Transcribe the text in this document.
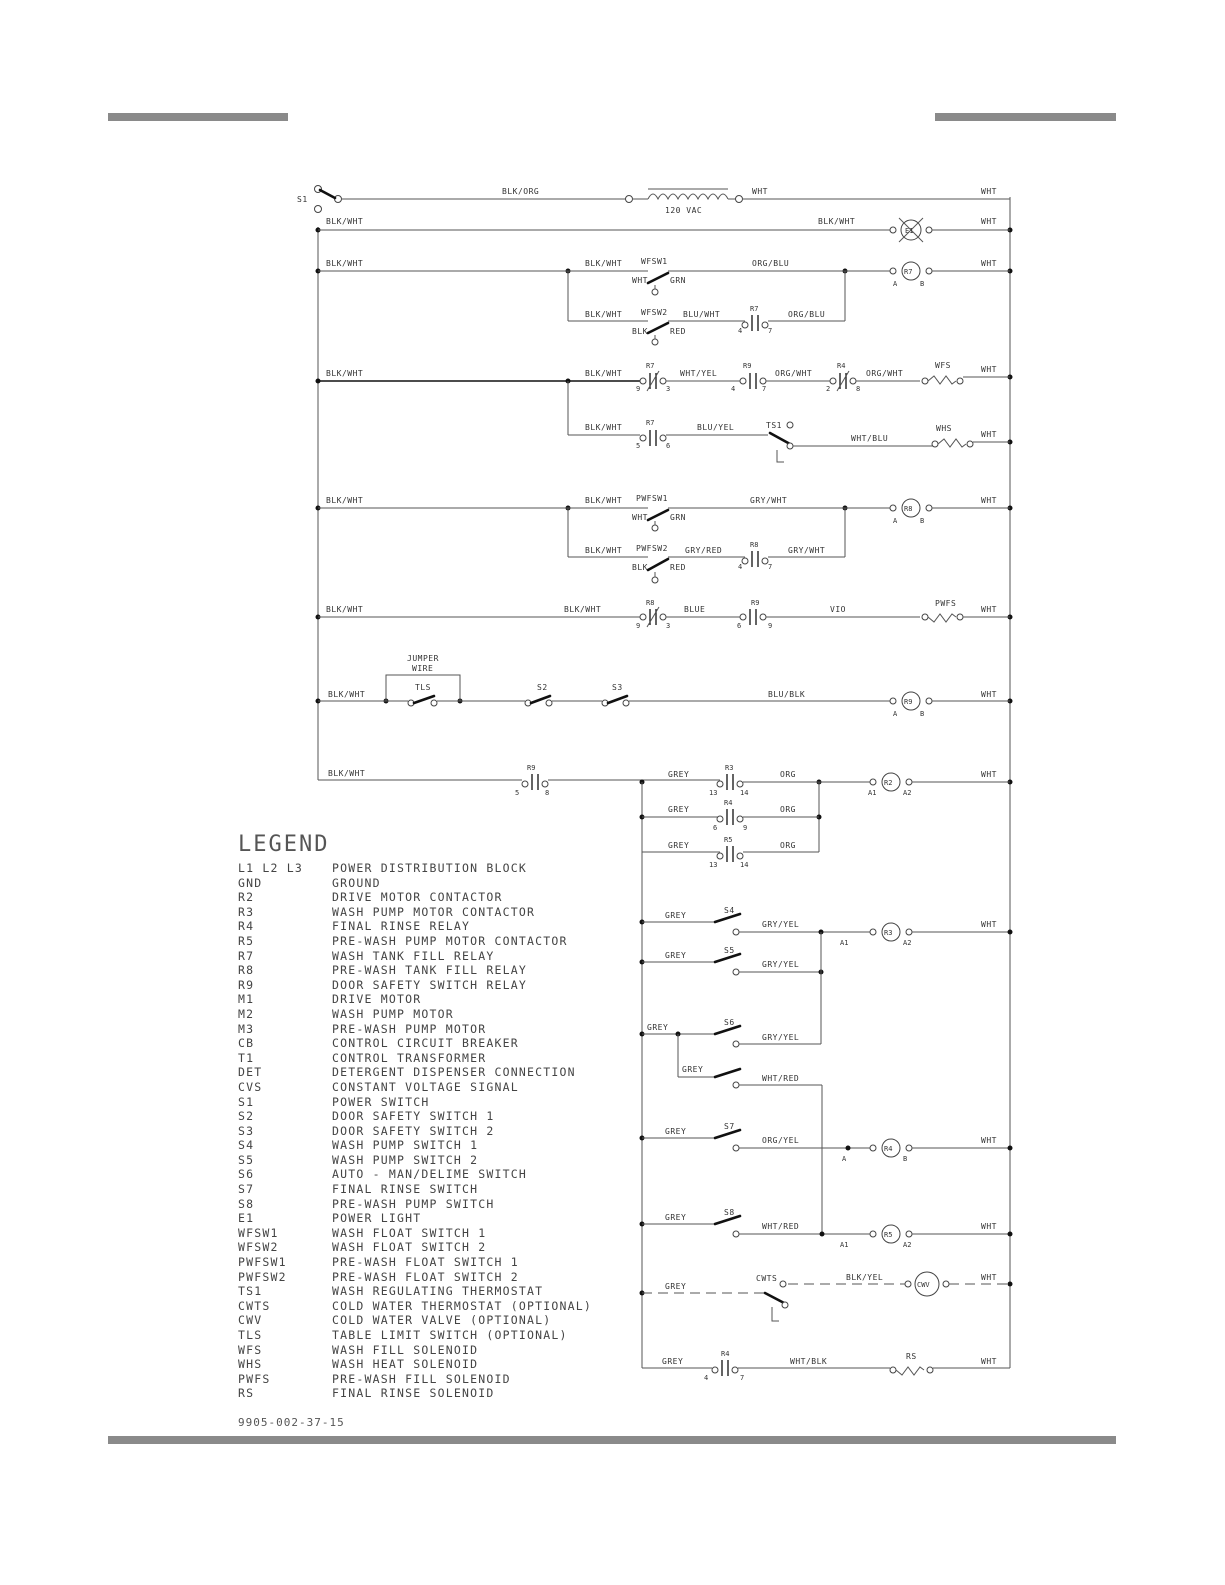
S1
BLK/ORG
120 VAC
WHT	WHT
BLK/WHT	BLK/WHT
E1
WHT
BLK/WHT	BLK/WHT WFSW1
WHT	GRN
ORG/BLU
R7
A	B
WHT
BLK/WHT WFSW2
BLK	RED
BLU/WHT
R7
4	7
ORG/BLU
BLK/WHT	BLK/WHT
R7
9	3
WHT/YEL
R9
4	7
ORG/WHT
R4
2	8
ORG/WHT
WFS	WHT
BLK/WHT	R7
5	6
BLU/YEL	TS1
WHT/BLU
WHS
WHT
BLK/WHT	BLK/WHT PWFSW1
WHT	GRN
GRY/WHT
R8
A	B
WHT
BLK/WHT PWFSW2
BLK	RED
GRY/RED
R8
4	7
GRY/WHT
BLK/WHT	BLK/WHT
R8
9	3
BLUE
R9
6	9
VIO
PWFS
WHT
BLK/WHT
JUMPER
WIRE
TLS	S2	S3
BLU/BLK
R9
A	B
WHT
BLK/WHT
R9
5	8
GREY
R3
13	14
ORG
R2
A1	A2
WHT
GREY
R4
6	9
ORG
GREY
R5
13	14
ORG
GREY
S4
GRY/YEL
R3
A1	A2
WHT
GREY
S5
GRY/YEL
GREY
S6
GRY/YEL
GREY
WHT/RED
GREY
S7
ORG/YEL
R4
A	B
WHT
GREY
S8
WHT/RED
R5
A1	A2
WHT
GREY
CWTS	BLK/YEL
CWV
WHT
GREY
R4
4	7
WHT/BLK
RS
WHT
LEGEND
L1 L2 L3	POWER DISTRIBUTION BLOCK
GND	GROUND
R2	DRIVE MOTOR CONTACTOR
R3	WASH PUMP MOTOR CONTACTOR
R4	FINAL RINSE RELAY
R5	PRE-WASH PUMP MOTOR CONTACTOR
R7	WASH TANK FILL RELAY
R8	PRE-WASH TANK FILL RELAY
R9	DOOR SAFETY SWITCH RELAY
M1	DRIVE MOTOR
M2	WASH PUMP MOTOR
M3	PRE-WASH PUMP MOTOR
CB	CONTROL CIRCUIT BREAKER
T1	CONTROL TRANSFORMER
DET	DETERGENT DISPENSER CONNECTION
CVS	CONSTANT VOLTAGE SIGNAL
S1	POWER SWITCH
S2	DOOR SAFETY SWITCH 1
S3	DOOR SAFETY SWITCH 2
S4	WASH PUMP SWITCH 1
S5	WASH PUMP SWITCH 2
S6	AUTO - MAN/DELIME SWITCH
S7	FINAL RINSE SWITCH
S8	PRE-WASH PUMP SWITCH
E1	POWER LIGHT
WFSW1	WASH FLOAT SWITCH 1
WFSW2	WASH FLOAT SWITCH 2
PWFSW1	PRE-WASH FLOAT SWITCH 1
PWFSW2	PRE-WASH FLOAT SWITCH 2
TS1	WASH REGULATING THERMOSTAT
CWTS	COLD WATER THERMOSTAT (OPTIONAL)
CWV	COLD WATER VALVE (OPTIONAL)
TLS	TABLE LIMIT SWITCH (OPTIONAL)
WFS	WASH FILL SOLENOID
WHS	WASH HEAT SOLENOID
PWFS	PRE-WASH FILL SOLENOID
RS	FINAL RINSE SOLENOID
9905-002-37-15
